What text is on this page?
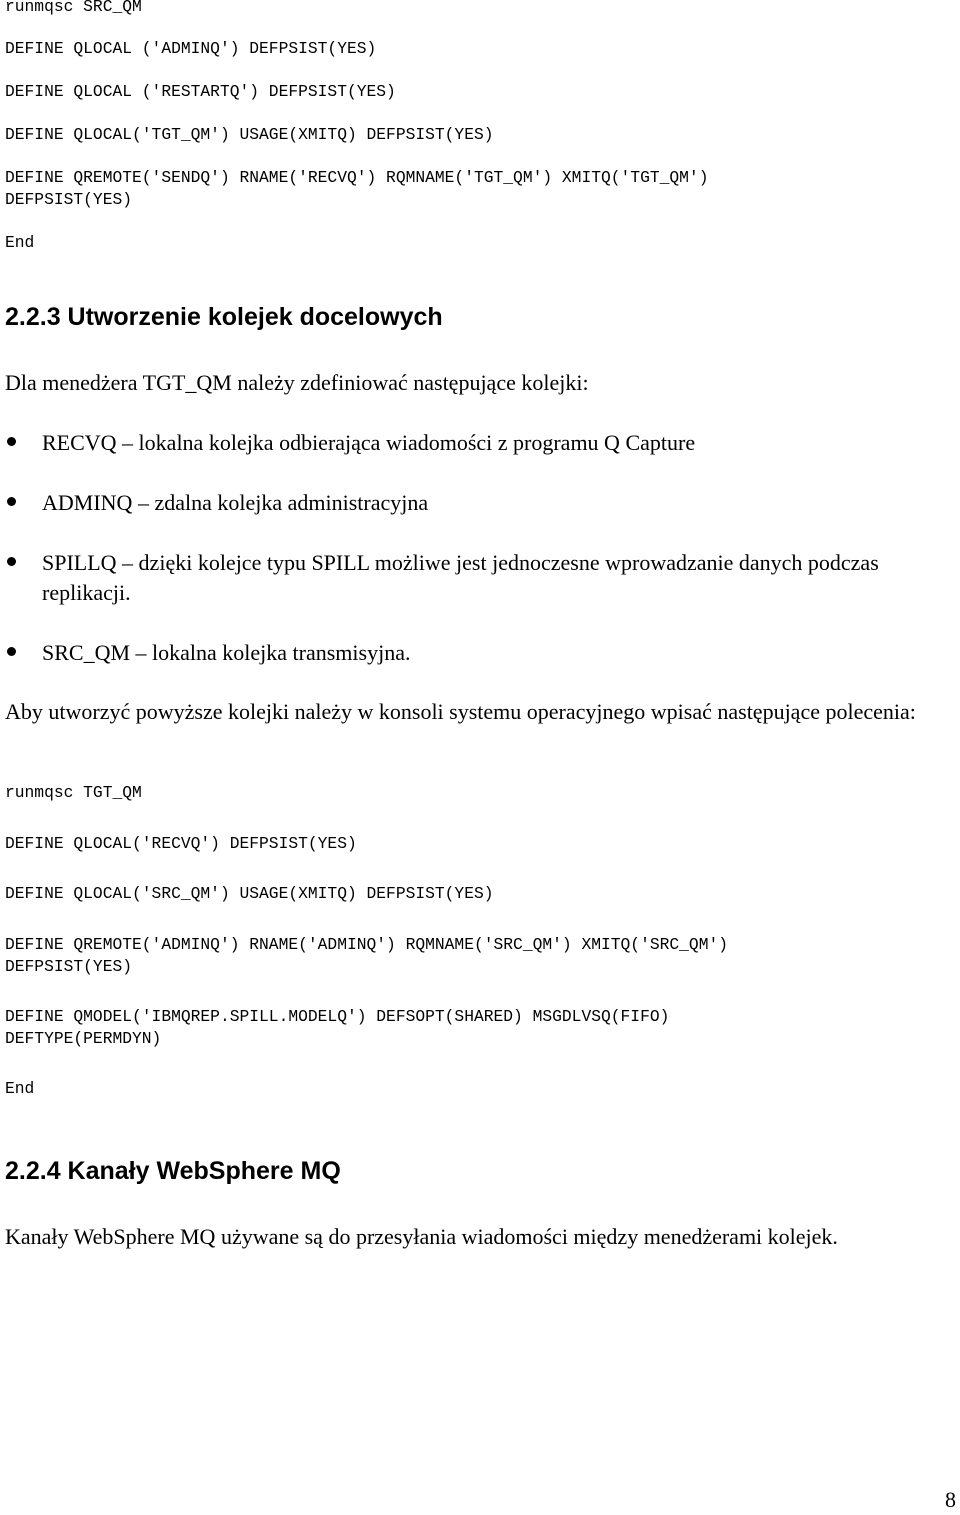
runmqsc SRC_QM
DEFINE QLOCAL ('ADMINQ') DEFPSIST(YES)
DEFINE QLOCAL ('RESTARTQ') DEFPSIST(YES)
DEFINE QLOCAL('TGT_QM') USAGE(XMITQ) DEFPSIST(YES)
DEFINE QREMOTE('SENDQ') RNAME('RECVQ') RQMNAME('TGT_QM') XMITQ('TGT_QM')
DEFPSIST(YES)
End
2.2.3 Utworzenie kolejek docelowych

Dla menedżera TGT_QM należy zdefiniować następujące kolejki:

RECVQ – lokalna kolejka odbierająca wiadomości z programu Q Capture

ADMINQ – zdalna kolejka administracyjna

SPILLQ – dzięki kolejce typu SPILL możliwe jest jednoczesne wprowadzanie danych podczas replikacji.

SRC_QM – lokalna kolejka transmisyjna.

Aby utworzyć powyższe kolejki należy w konsoli systemu operacyjnego wpisać następujące polecenia:

runmqsc TGT_QM
DEFINE QLOCAL('RECVQ') DEFPSIST(YES)
DEFINE QLOCAL('SRC_QM') USAGE(XMITQ) DEFPSIST(YES)
DEFINE QREMOTE('ADMINQ') RNAME('ADMINQ') RQMNAME('SRC_QM') XMITQ('SRC_QM')
DEFPSIST(YES)
DEFINE QMODEL('IBMQREP.SPILL.MODELQ') DEFSOPT(SHARED) MSGDLVSQ(FIFO)
DEFTYPE(PERMDYN)
End
2.2.4 Kanały WebSphere MQ

Kanały WebSphere MQ używane są do przesyłania wiadomości między menedżerami kolejek.

8
